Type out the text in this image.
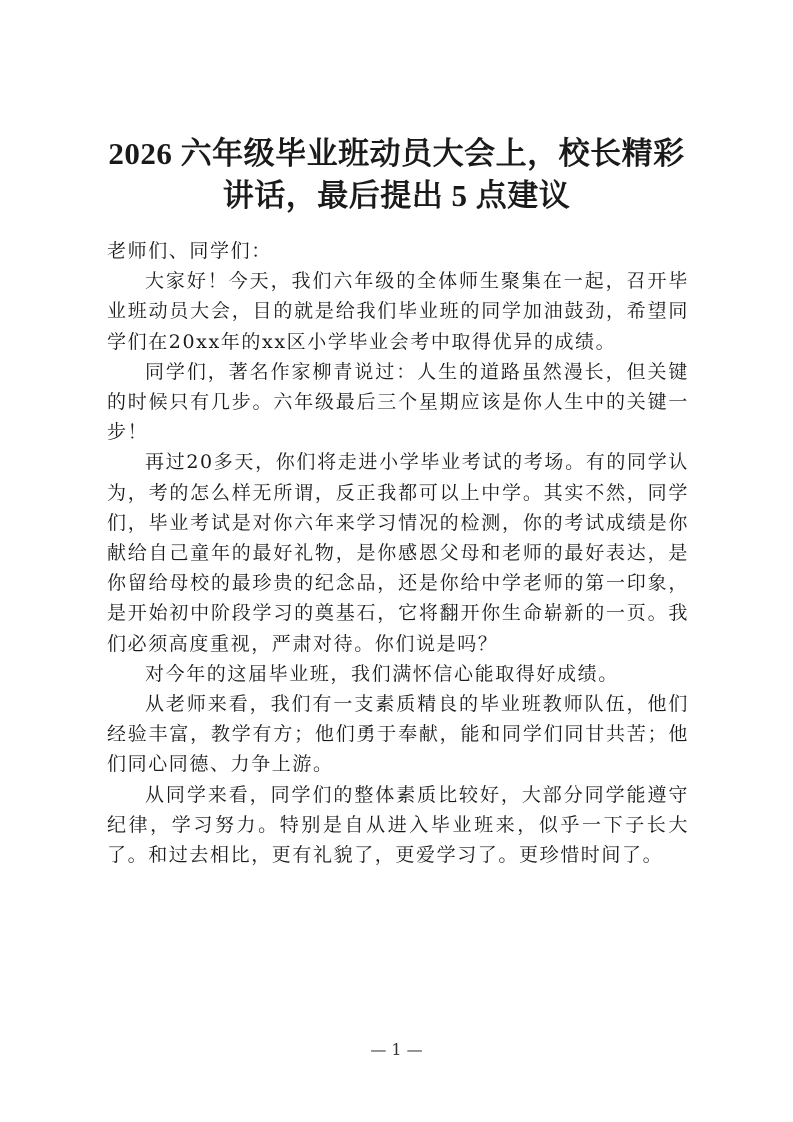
2026 六年级毕业班动员大会上，校长精彩
讲话，最后提出 5 点建议

老师们、同学们：

大家好！今天，我们六年级的全体师生聚集在一起，召开毕业班动员大会，目的就是给我们毕业班的同学加油鼓劲，希望同学们在20xx年的xx区小学毕业会考中取得优异的成绩。

同学们，著名作家柳青说过：人生的道路虽然漫长，但关键的时候只有几步。六年级最后三个星期应该是你人生中的关键一步！

再过20多天，你们将走进小学毕业考试的考场。有的同学认为，考的怎么样无所谓，反正我都可以上中学。其实不然，同学们，毕业考试是对你六年来学习情况的检测，你的考试成绩是你献给自己童年的最好礼物，是你感恩父母和老师的最好表达，是你留给母校的最珍贵的纪念品，还是你给中学老师的第一印象，是开始初中阶段学习的奠基石，它将翻开你生命崭新的一页。我们必须高度重视，严肃对待。你们说是吗？

对今年的这届毕业班，我们满怀信心能取得好成绩。

从老师来看，我们有一支素质精良的毕业班教师队伍，他们经验丰富，教学有方；他们勇于奉献，能和同学们同甘共苦；他们同心同德、力争上游。

从同学来看，同学们的整体素质比较好，大部分同学能遵守纪律，学习努力。特别是自从进入毕业班来，似乎一下子长大了。和过去相比，更有礼貌了，更爱学习了。更珍惜时间了。

— 1 —
